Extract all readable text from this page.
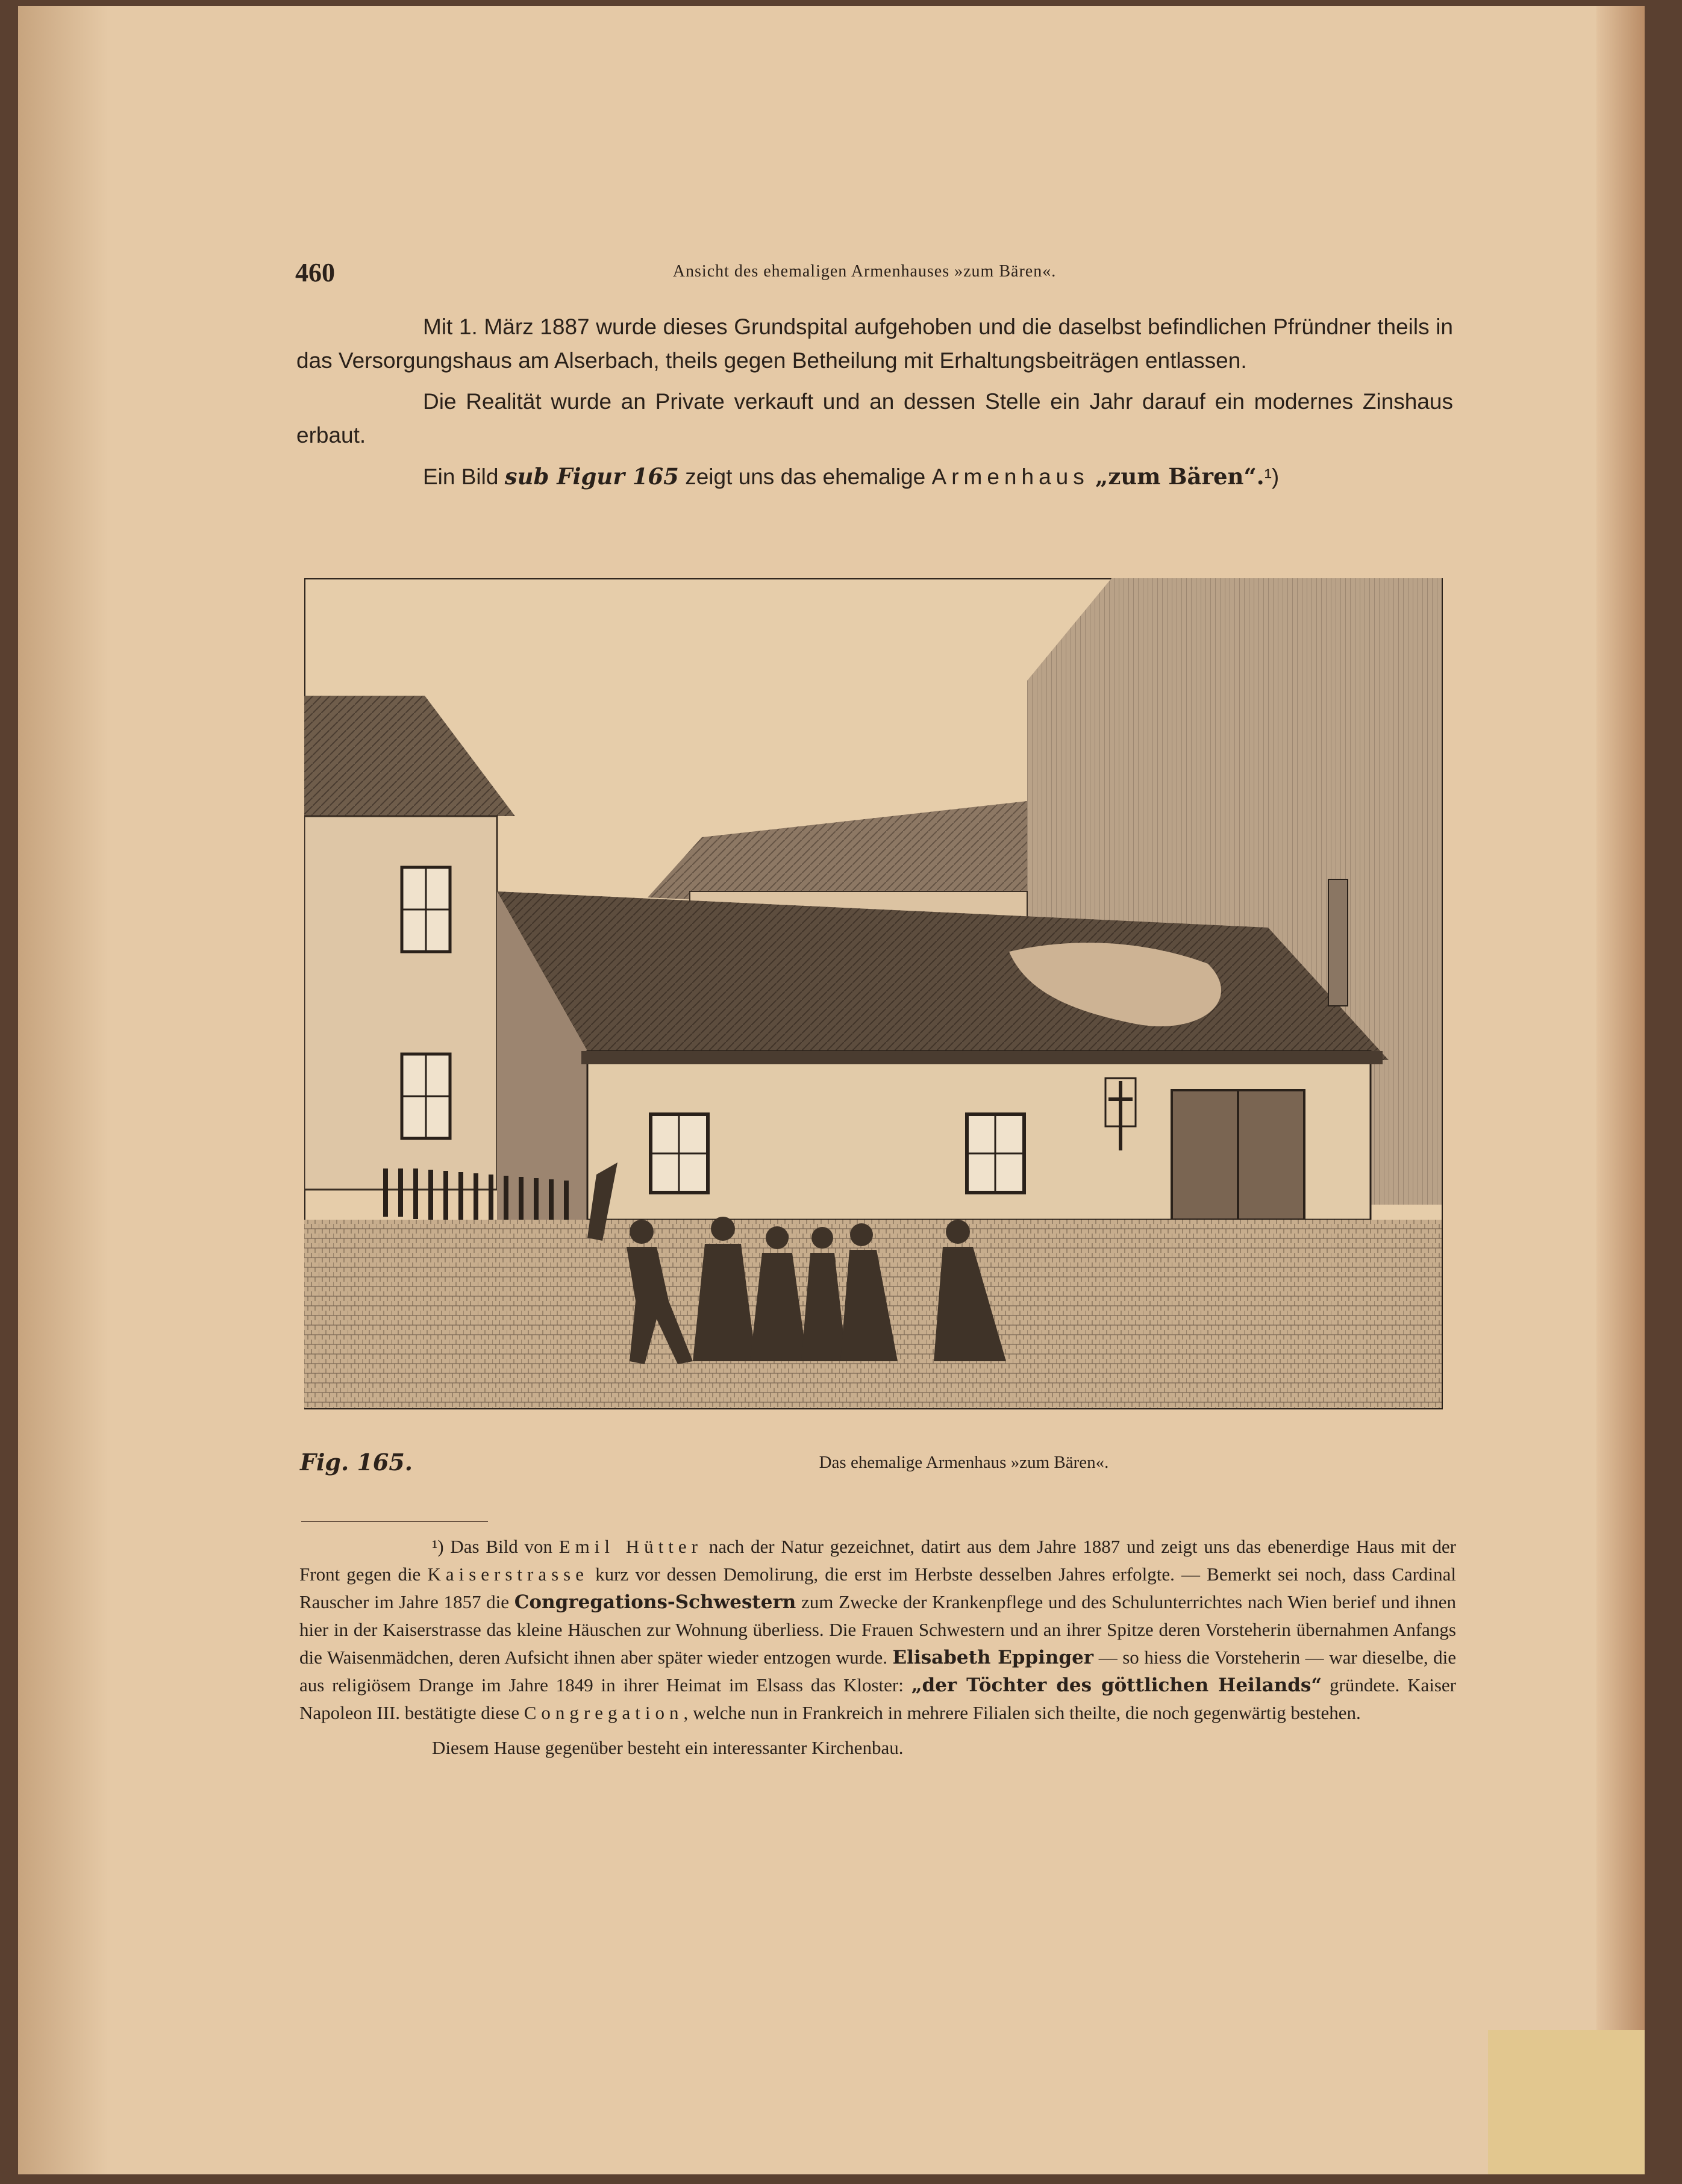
460	Ansicht des ehemaligen Armenhauses »zum Bären«.

Mit 1. März 1887 wurde dieses Grundspital aufgehoben und die daselbst befindlichen Pfründner theils in das Versorgungshaus am Alserbach, theils gegen Betheilung mit Erhaltungsbeiträgen entlassen.

Die Realität wurde an Private verkauft und an dessen Stelle ein Jahr darauf ein modernes Zinshaus erbaut.

Ein Bild sub Figur 165 zeigt uns das ehemalige Armenhaus „zum Bären“.¹)

Fig. 165.	Das ehemalige Armenhaus »zum Bären«.

¹) Das Bild von Emil Hütter nach der Natur gezeichnet, datirt aus dem Jahre 1887 und zeigt uns das ebenerdige Haus mit der Front gegen die Kaiserstrasse kurz vor dessen Demolirung, die erst im Herbste desselben Jahres erfolgte. — Bemerkt sei noch, dass Cardinal Rauscher im Jahre 1857 die Congregations-Schwestern zum Zwecke der Krankenpflege und des Schulunterrichtes nach Wien berief und ihnen hier in der Kaiserstrasse das kleine Häuschen zur Wohnung überliess. Die Frauen Schwestern und an ihrer Spitze deren Vorsteherin übernahmen Anfangs die Waisenmädchen, deren Aufsicht ihnen aber später wieder entzogen wurde. Elisabeth Eppinger — so hiess die Vorsteherin — war dieselbe, die aus religiösem Drange im Jahre 1849 in ihrer Heimat im Elsass das Kloster: „der Töchter des göttlichen Heilands“ gründete. Kaiser Napoleon III. bestätigte diese Congregation, welche nun in Frankreich in mehrere Filialen sich theilte, die noch gegenwärtig bestehen.

Diesem Hause gegenüber besteht ein interessanter Kirchenbau.
